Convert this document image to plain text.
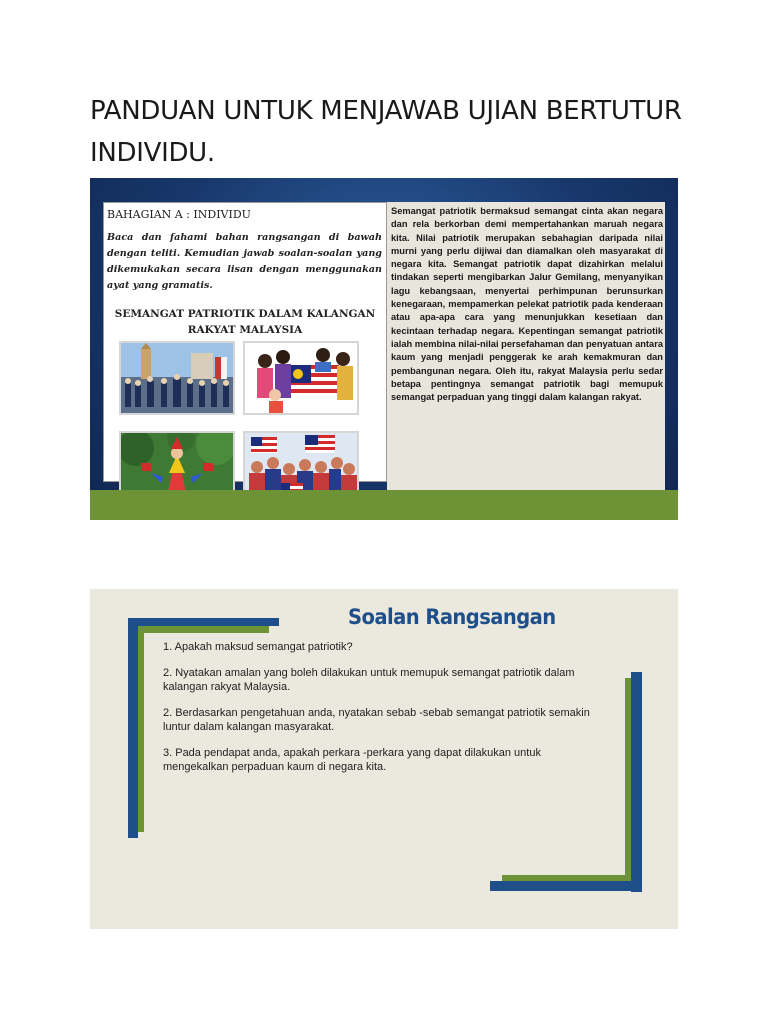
PANDUAN UNTUK MENJAWAB UJIAN BERTUTUR INDIVIDU.
BAHAGIAN A : INDIVIDU
Baca dan fahami bahan rangsangan di bawah dengan teliti. Kemudian jawab soalan-soalan yang dikemukakan secara lisan dengan menggunakan ayat yang gramatis.
SEMANGAT PATRIOTIK DALAM KALANGAN RAKYAT MALAYSIA

Semangat patriotik bermaksud semangat cinta akan negara dan rela berkorban demi mempertahankan maruah negara kita. Nilai patriotik merupakan sebahagian daripada nilai murni yang perlu dijiwai dan diamalkan oleh masyarakat di negara kita. Semangat patriotik dapat dizahirkan melalui tindakan seperti mengibarkan Jalur Gemilang, menyanyikan lagu kebangsaan, menyertai perhimpunan berunsurkan kenegaraan, mempamerkan pelekat patriotik pada kenderaan atau apa-apa cara yang menunjukkan kesetiaan dan kecintaan terhadap negara. Kepentingan semangat patriotik ialah membina nilai-nilai persefahaman dan penyatuan antara kaum yang menjadi penggerak ke arah kemakmuran dan pembangunan negara. Oleh itu, rakyat Malaysia perlu sedar betapa pentingnya semangat patriotik bagi memupuk semangat perpaduan yang tinggi dalam kalangan rakyat.

Soalan Rangsangan
1. Apakah maksud semangat patriotik?
2. Nyatakan amalan yang boleh dilakukan untuk memupuk semangat patriotik dalam kalangan rakyat Malaysia.
2. Berdasarkan pengetahuan anda, nyatakan sebab -sebab semangat patriotik semakin luntur dalam kalangan masyarakat.
3. Pada pendapat anda, apakah perkara -perkara yang dapat dilakukan untuk mengekalkan perpaduan kaum di negara kita.
